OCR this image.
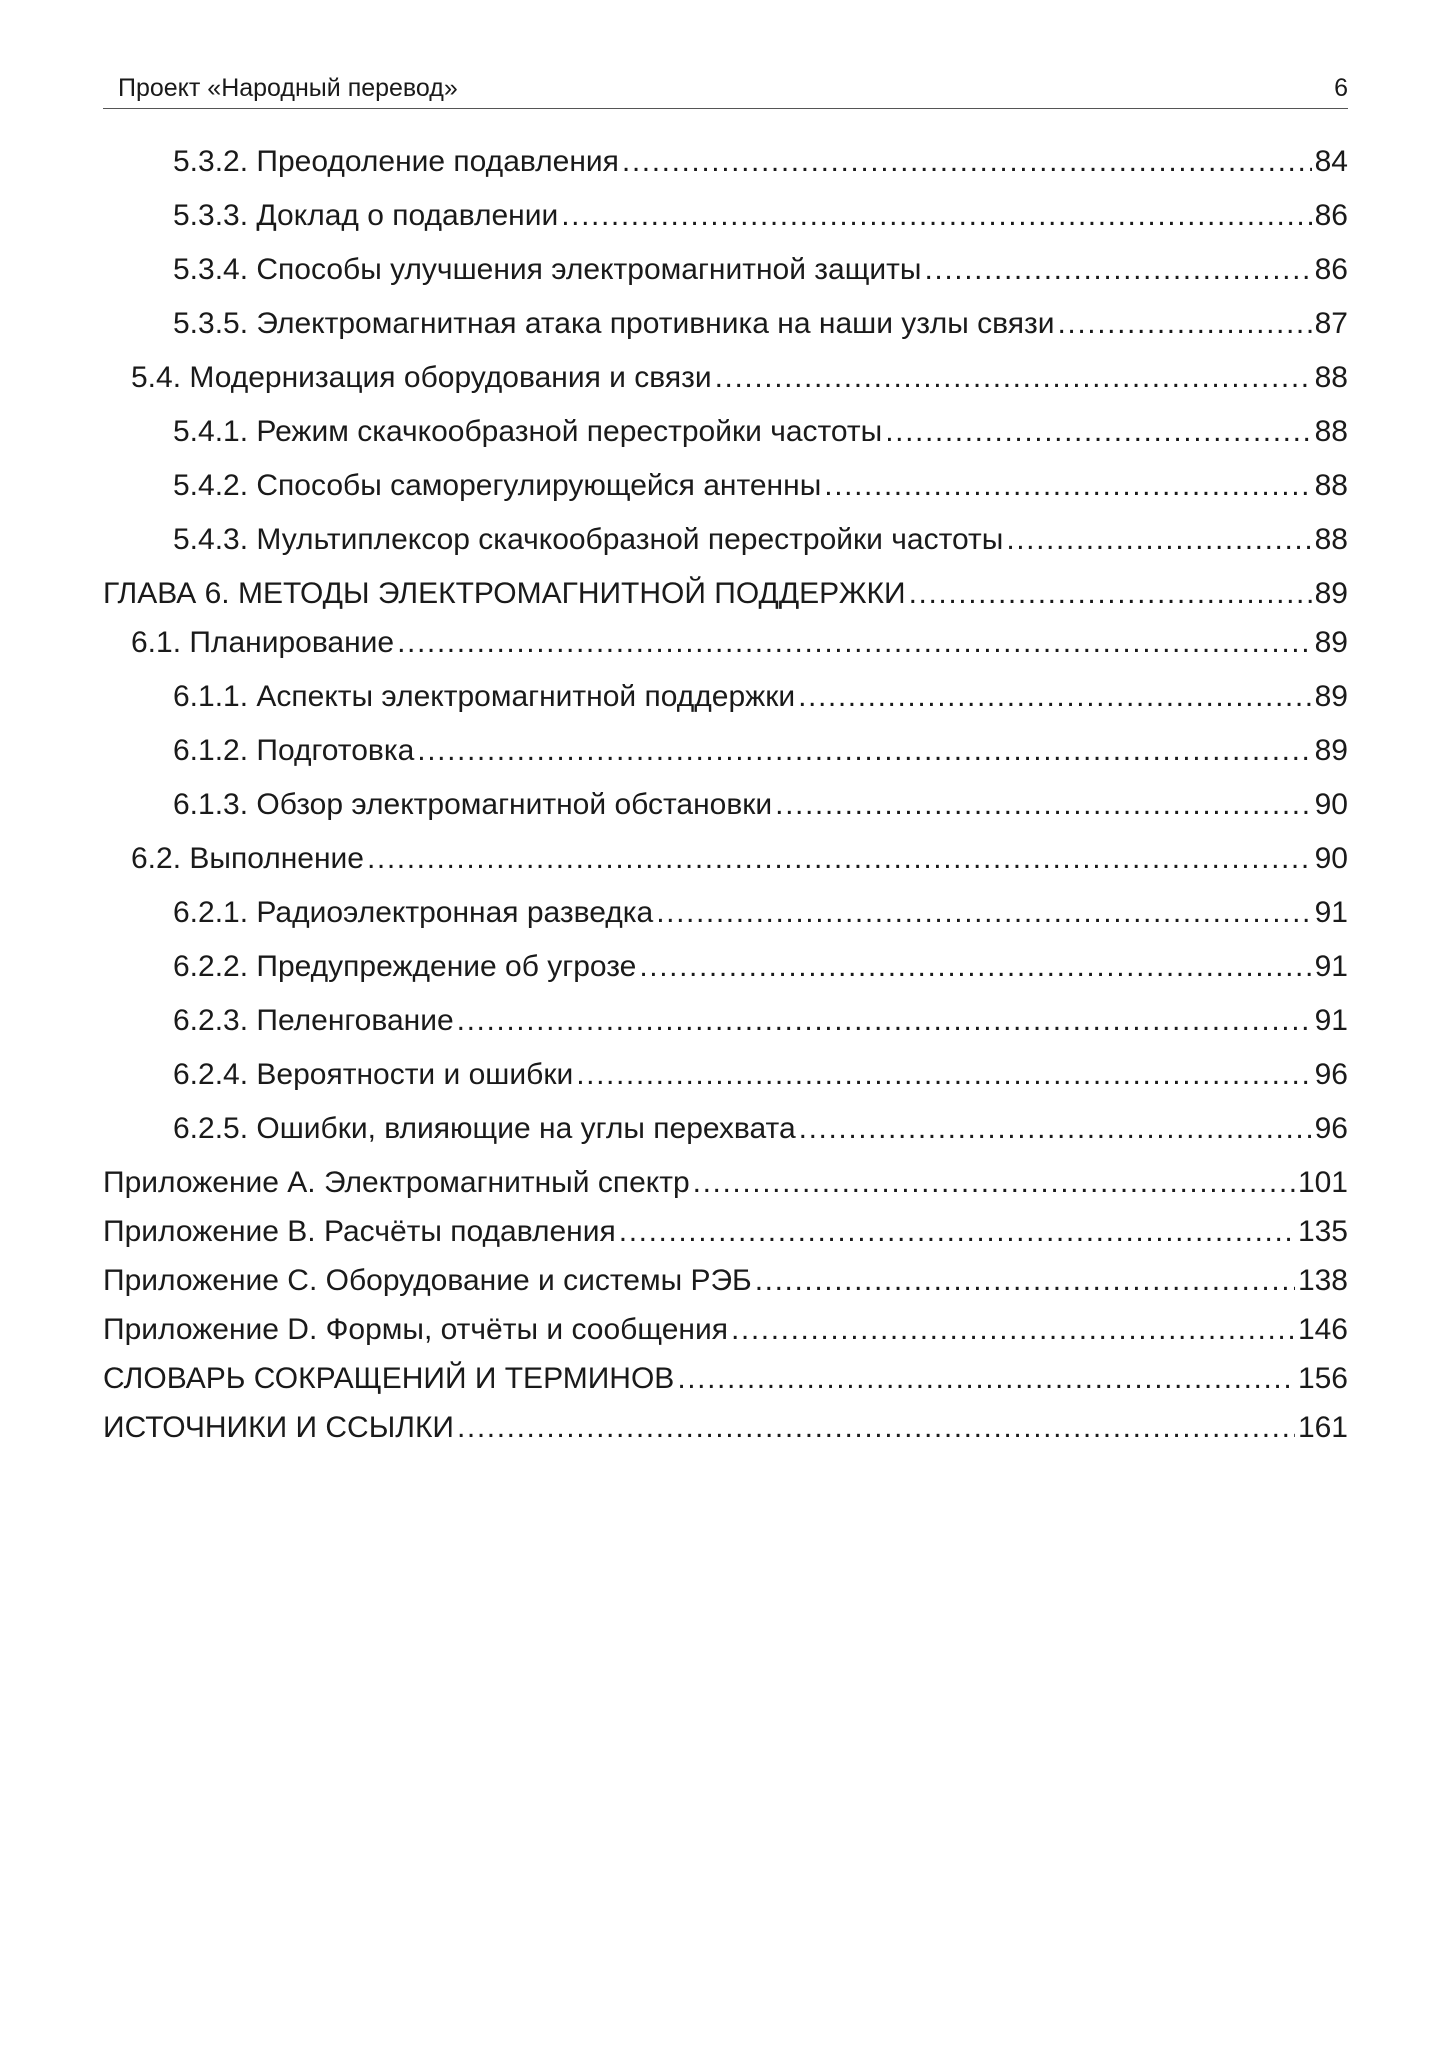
Проект «Народный перевод»	6
5.3.2. Преодоление подавления .....	84
5.3.3. Доклад о подавлении .....	86
5.3.4. Способы улучшения электромагнитной защиты .....	86
5.3.5. Электромагнитная атака противника на наши узлы связи .....	87
5.4. Модернизация оборудования и связи .....	88
5.4.1. Режим скачкообразной перестройки частоты .....	88
5.4.2. Способы саморегулирующейся антенны .....	88
5.4.3. Мультиплексор скачкообразной перестройки частоты .....	88
ГЛАВА 6. МЕТОДЫ ЭЛЕКТРОМАГНИТНОЙ ПОДДЕРЖКИ .....	89
6.1. Планирование .....	89
6.1.1. Аспекты электромагнитной поддержки .....	89
6.1.2. Подготовка .....	89
6.1.3. Обзор электромагнитной обстановки .....	90
6.2. Выполнение .....	90
6.2.1. Радиоэлектронная разведка .....	91
6.2.2. Предупреждение об угрозе .....	91
6.2.3. Пеленгование .....	91
6.2.4. Вероятности и ошибки .....	96
6.2.5. Ошибки, влияющие на углы перехвата .....	96
Приложение A. Электромагнитный спектр .....	101
Приложение B. Расчёты подавления .....	135
Приложение C. Оборудование и системы РЭБ .....	138
Приложение D. Формы, отчёты и сообщения .....	146
СЛОВАРЬ СОКРАЩЕНИЙ И ТЕРМИНОВ .....	156
ИСТОЧНИКИ И ССЫЛКИ .....	161
